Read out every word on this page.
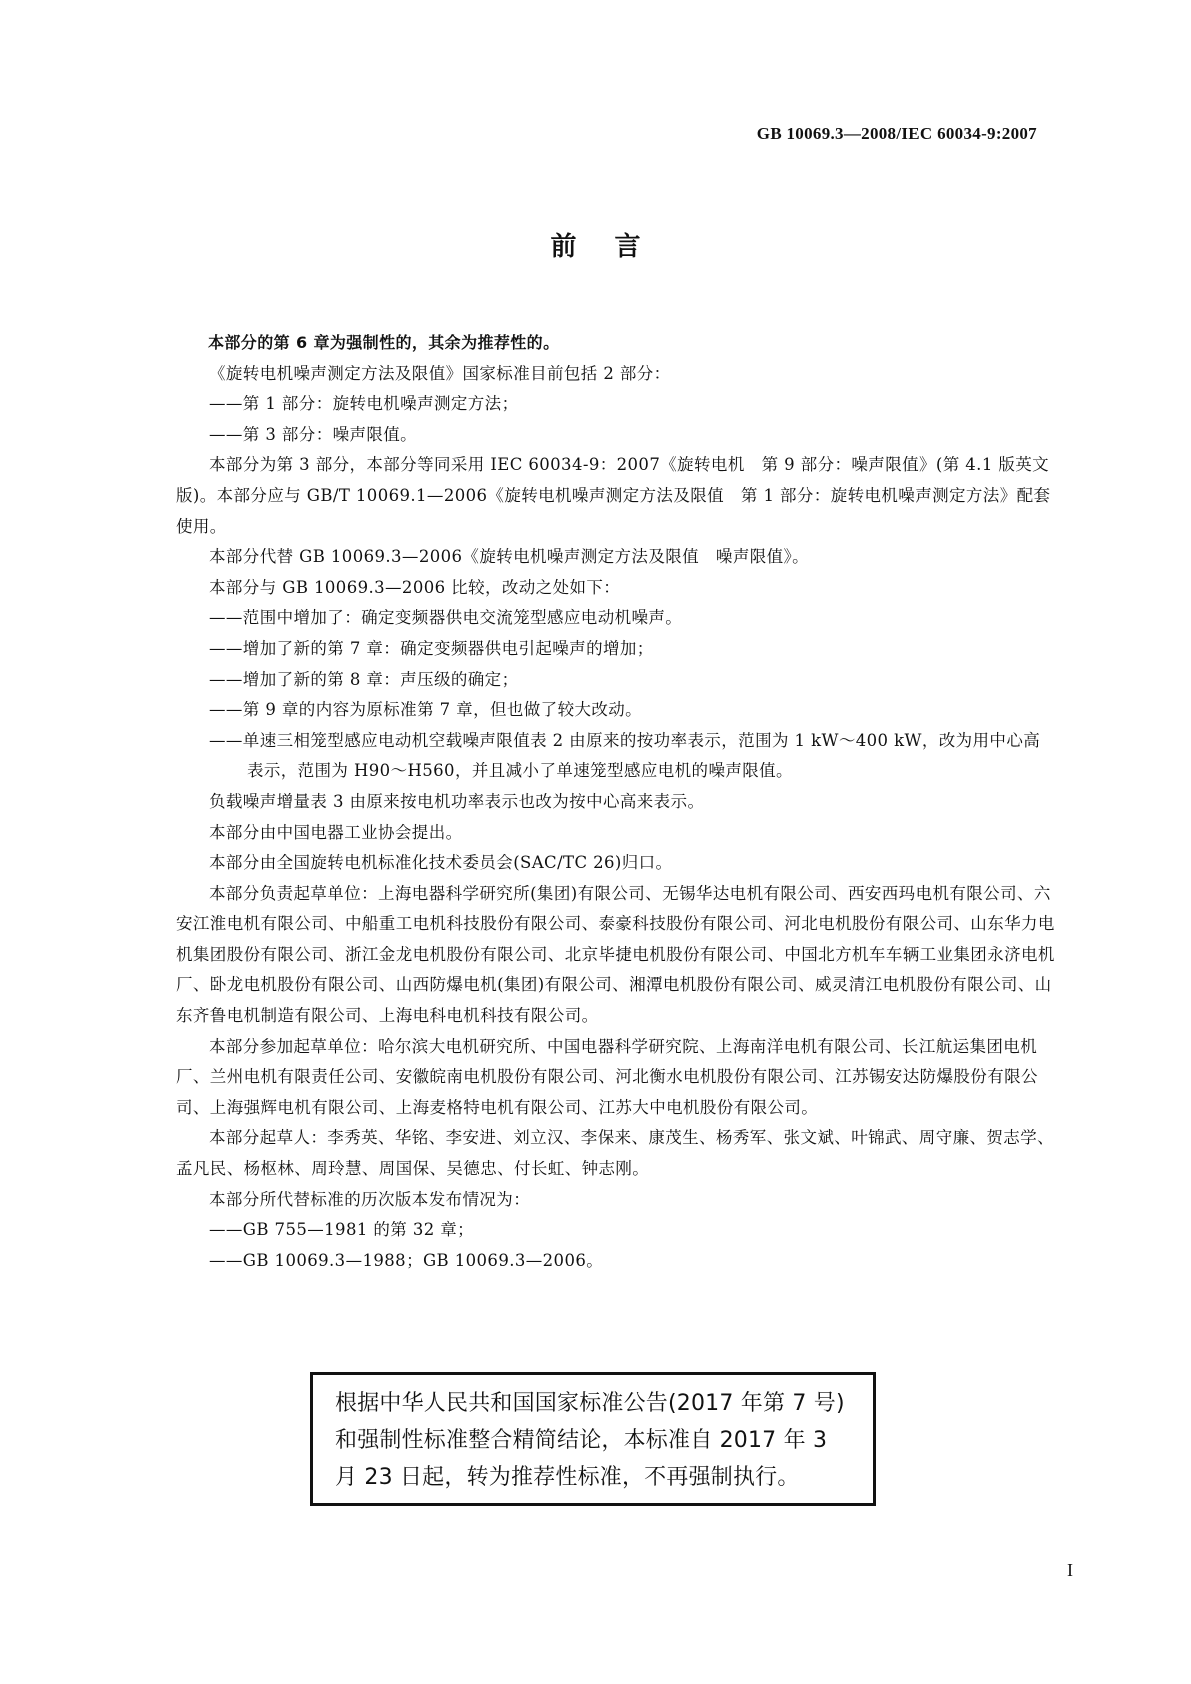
GB 10069.3—2008/IEC 60034-9:2007
前言

本部分的第 6 章为强制性的，其余为推荐性的。

《旋转电机噪声测定方法及限值》国家标准目前包括 2 部分：

——第 1 部分：旋转电机噪声测定方法；

——第 3 部分：噪声限值。

本部分为第 3 部分，本部分等同采用 IEC 60034-9：2007《旋转电机　第 9 部分：噪声限值》(第 4.1 版英文版)。本部分应与 GB/T 10069.1—2006《旋转电机噪声测定方法及限值　第 1 部分：旋转电机噪声测定方法》配套使用。

本部分代替 GB 10069.3—2006《旋转电机噪声测定方法及限值　噪声限值》。

本部分与 GB 10069.3—2006 比较，改动之处如下：

——范围中增加了：确定变频器供电交流笼型感应电动机噪声。

——增加了新的第 7 章：确定变频器供电引起噪声的增加；

——增加了新的第 8 章：声压级的确定；

——第 9 章的内容为原标准第 7 章，但也做了较大改动。

——单速三相笼型感应电动机空载噪声限值表 2 由原来的按功率表示，范围为 1 kW～400 kW，改为用中心高表示，范围为 H90～H560，并且减小了单速笼型感应电机的噪声限值。

负载噪声增量表 3 由原来按电机功率表示也改为按中心高来表示。

本部分由中国电器工业协会提出。

本部分由全国旋转电机标准化技术委员会(SAC/TC 26)归口。

本部分负责起草单位：上海电器科学研究所(集团)有限公司、无锡华达电机有限公司、西安西玛电机有限公司、六安江淮电机有限公司、中船重工电机科技股份有限公司、泰豪科技股份有限公司、河北电机股份有限公司、山东华力电机集团股份有限公司、浙江金龙电机股份有限公司、北京毕捷电机股份有限公司、中国北方机车车辆工业集团永济电机厂、卧龙电机股份有限公司、山西防爆电机(集团)有限公司、湘潭电机股份有限公司、威灵清江电机股份有限公司、山东齐鲁电机制造有限公司、上海电科电机科技有限公司。

本部分参加起草单位：哈尔滨大电机研究所、中国电器科学研究院、上海南洋电机有限公司、长江航运集团电机厂、兰州电机有限责任公司、安徽皖南电机股份有限公司、河北衡水电机股份有限公司、江苏锡安达防爆股份有限公司、上海强辉电机有限公司、上海麦格特电机有限公司、江苏大中电机股份有限公司。

本部分起草人：李秀英、华铭、李安进、刘立汉、李保来、康茂生、杨秀军、张文斌、叶锦武、周守廉、贺志学、孟凡民、杨枢林、周玲慧、周国保、吴德忠、付长虹、钟志刚。

本部分所代替标准的历次版本发布情况为：

——GB 755—1981 的第 32 章；

——GB 10069.3—1988；GB 10069.3—2006。

根据中华人民共和国国家标准公告(2017 年第 7 号)和强制性标准整合精简结论，本标准自 2017 年 3 月 23 日起，转为推荐性标准，不再强制执行。
I
